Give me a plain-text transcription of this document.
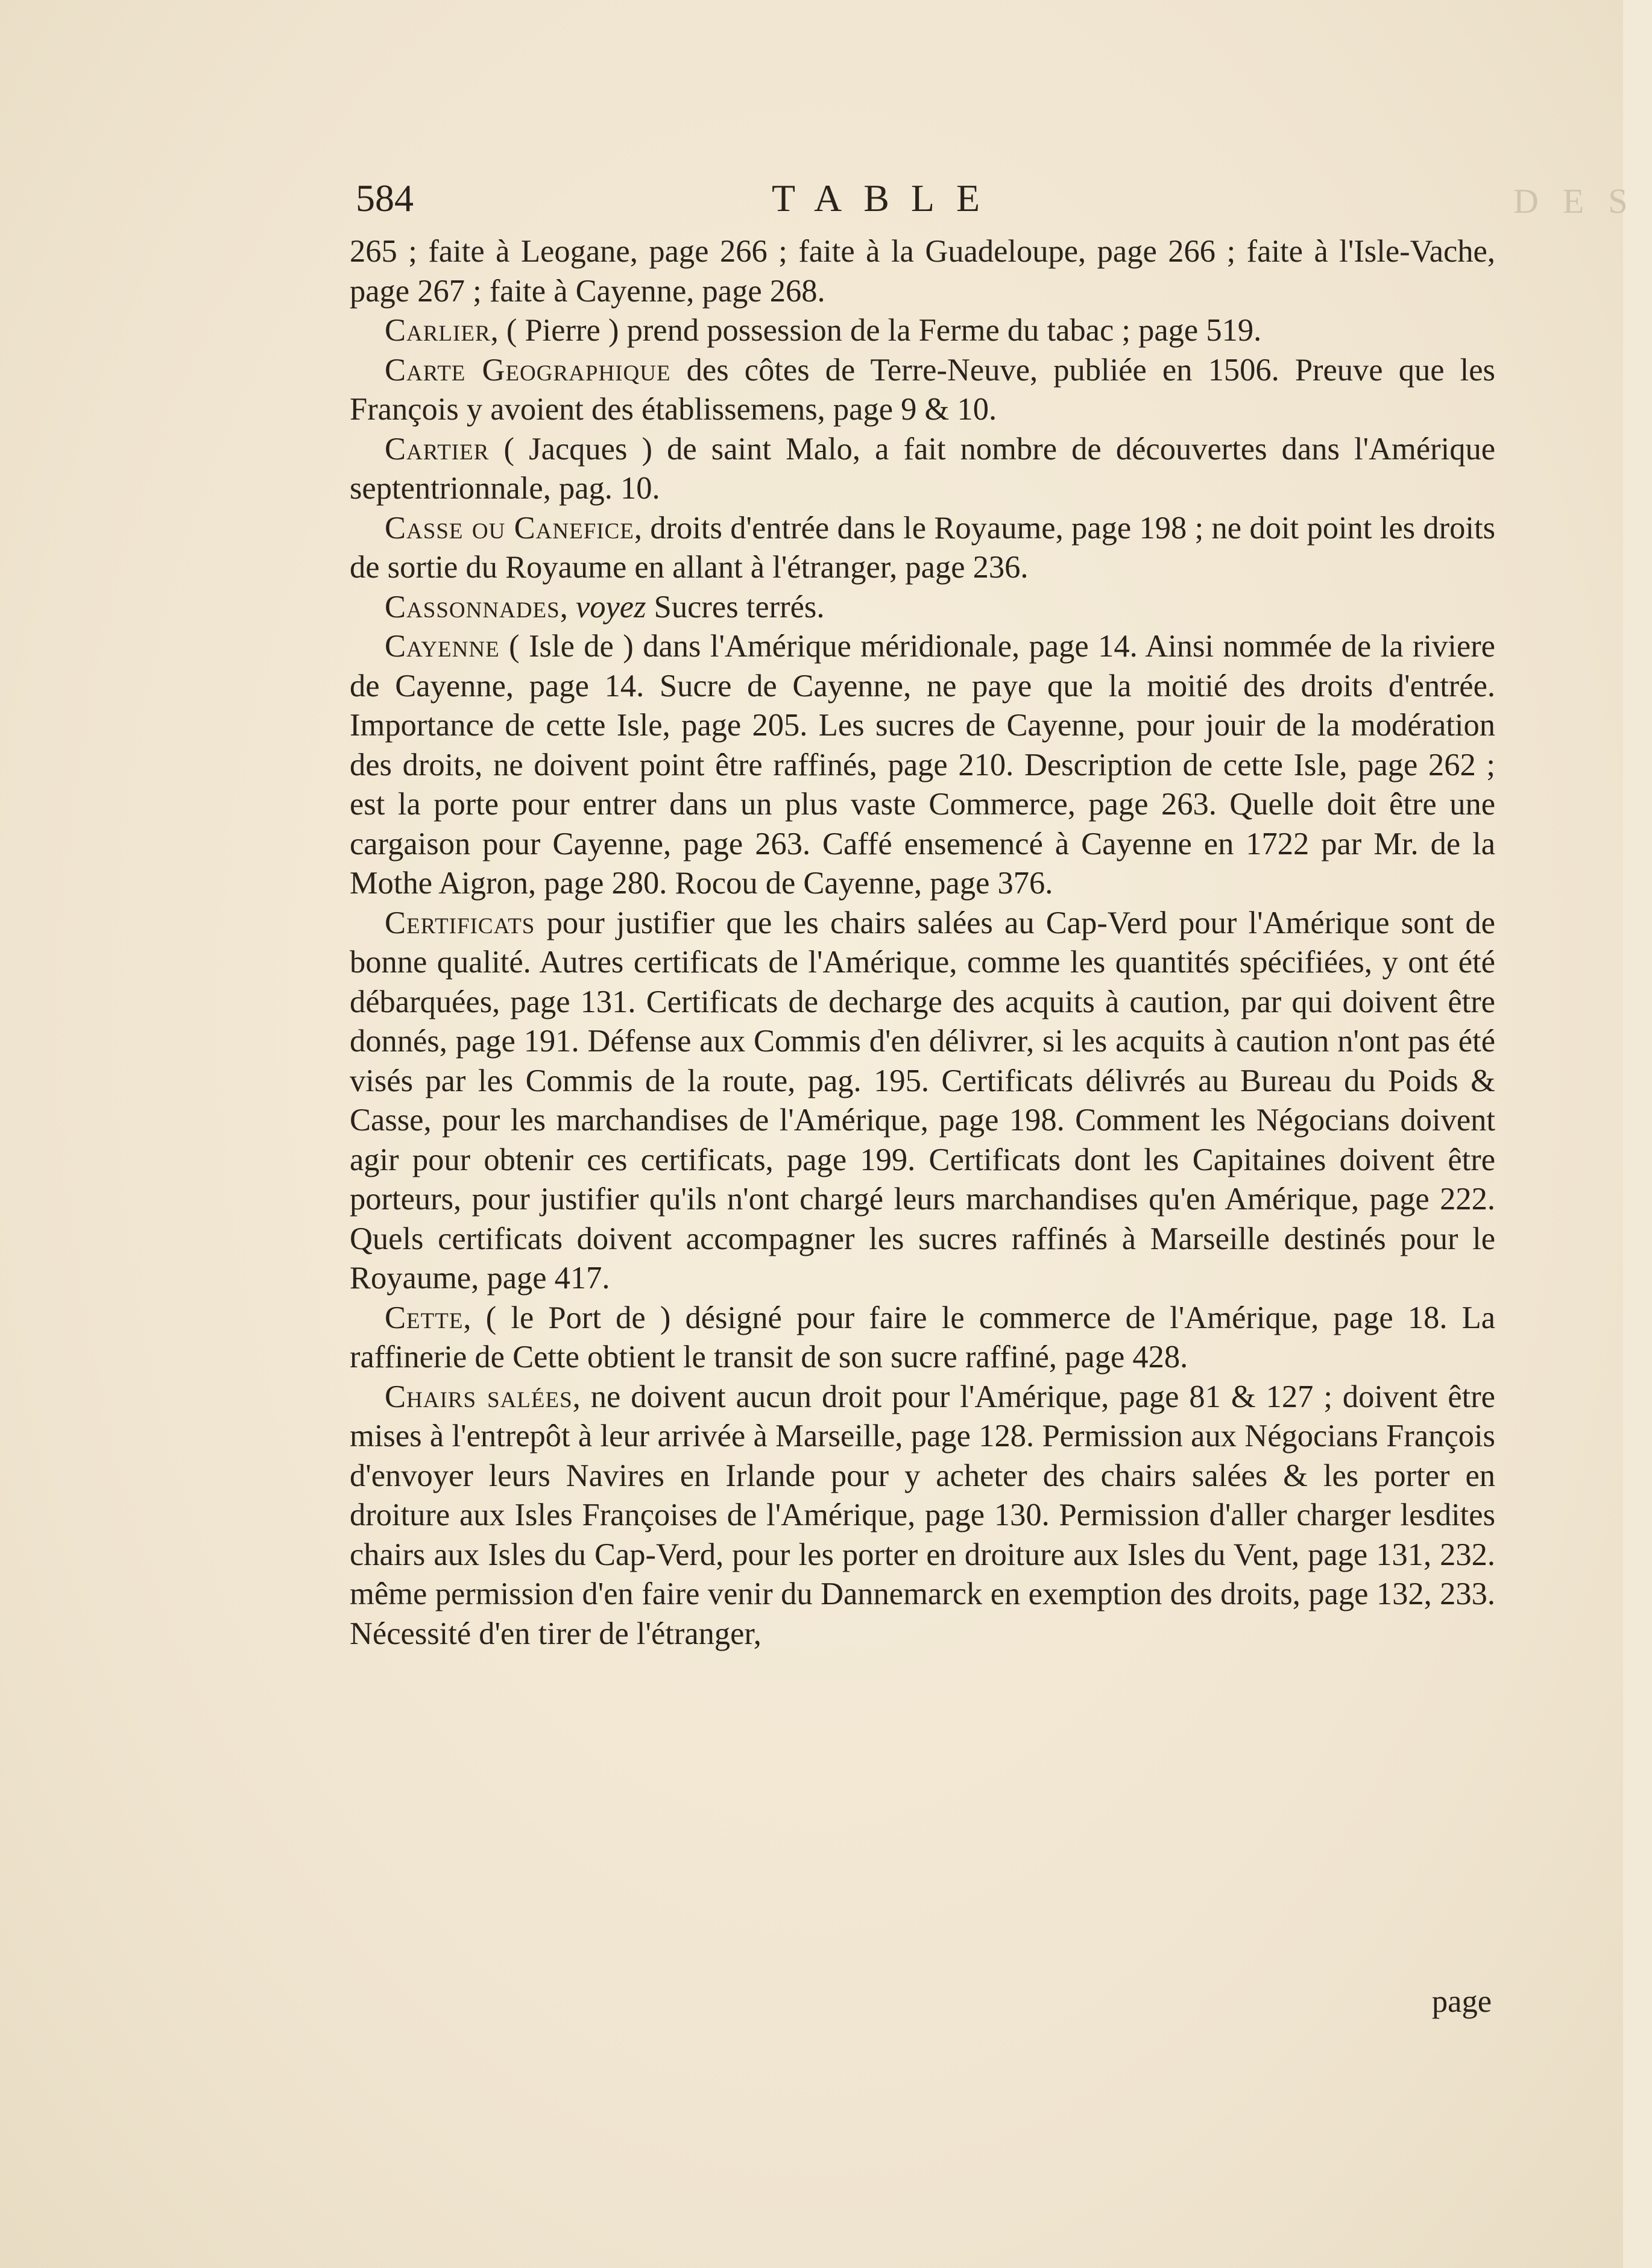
584	TABLE	DES

265 ; faite à Leogane, page 266 ; faite à la Guadeloupe, page 266 ; faite à l'Isle-Vache, page 267 ; faite à Cayenne, page 268.

Carlier, ( Pierre ) prend possession de la Ferme du tabac ; page 519.

Carte Geographique des côtes de Terre-Neuve, publiée en 1506. Preuve que les François y avoient des établissemens, page 9 & 10.

Cartier ( Jacques ) de saint Malo, a fait nombre de découvertes dans l'Amérique septentrionnale, pag. 10.

Casse ou Canefice, droits d'entrée dans le Royaume, page 198 ; ne doit point les droits de sortie du Royaume en allant à l'étranger, page 236.

Cassonnades, voyez Sucres terrés.

Cayenne ( Isle de ) dans l'Amérique méridionale, page 14. Ainsi nommée de la riviere de Cayenne, page 14. Sucre de Cayenne, ne paye que la moitié des droits d'entrée. Importance de cette Isle, page 205. Les sucres de Cayenne, pour jouir de la modération des droits, ne doivent point être raffinés, page 210. Description de cette Isle, page 262 ; est la porte pour entrer dans un plus vaste Commerce, page 263. Quelle doit être une cargaison pour Cayenne, page 263. Caffé ensemencé à Cayenne en 1722 par Mr. de la Mothe Aigron, page 280. Rocou de Cayenne, page 376.

Certificats pour justifier que les chairs salées au Cap-Verd pour l'Amérique sont de bonne qualité. Autres certificats de l'Amérique, comme les quantités spécifiées, y ont été débarquées, page 131. Certificats de decharge des acquits à caution, par qui doivent être donnés, page 191. Défense aux Commis d'en délivrer, si les acquits à caution n'ont pas été visés par les Commis de la route, pag. 195. Certificats délivrés au Bureau du Poids & Casse, pour les marchandises de l'Amérique, page 198. Comment les Négocians doivent agir pour obtenir ces certificats, page 199. Certificats dont les Capitaines doivent être porteurs, pour justifier qu'ils n'ont chargé leurs marchandises qu'en Amérique, page 222. Quels certificats doivent accompagner les sucres raffinés à Marseille destinés pour le Royaume, page 417.

Cette, ( le Port de ) désigné pour faire le commerce de l'Amérique, page 18. La raffinerie de Cette obtient le transit de son sucre raffiné, page 428.

Chairs salées, ne doivent aucun droit pour l'Amérique, page 81 & 127 ; doivent être mises à l'entrepôt à leur arrivée à Marseille, page 128. Permission aux Négocians François d'envoyer leurs Navires en Irlande pour y acheter des chairs salées & les porter en droiture aux Isles Françoises de l'Amérique, page 130. Permission d'aller charger lesdites chairs aux Isles du Cap-Verd, pour les porter en droiture aux Isles du Vent, page 131, 232. même permission d'en faire venir du Dannemarck en exemption des droits, page 132, 233. Nécessité d'en tirer de l'étranger,

page
